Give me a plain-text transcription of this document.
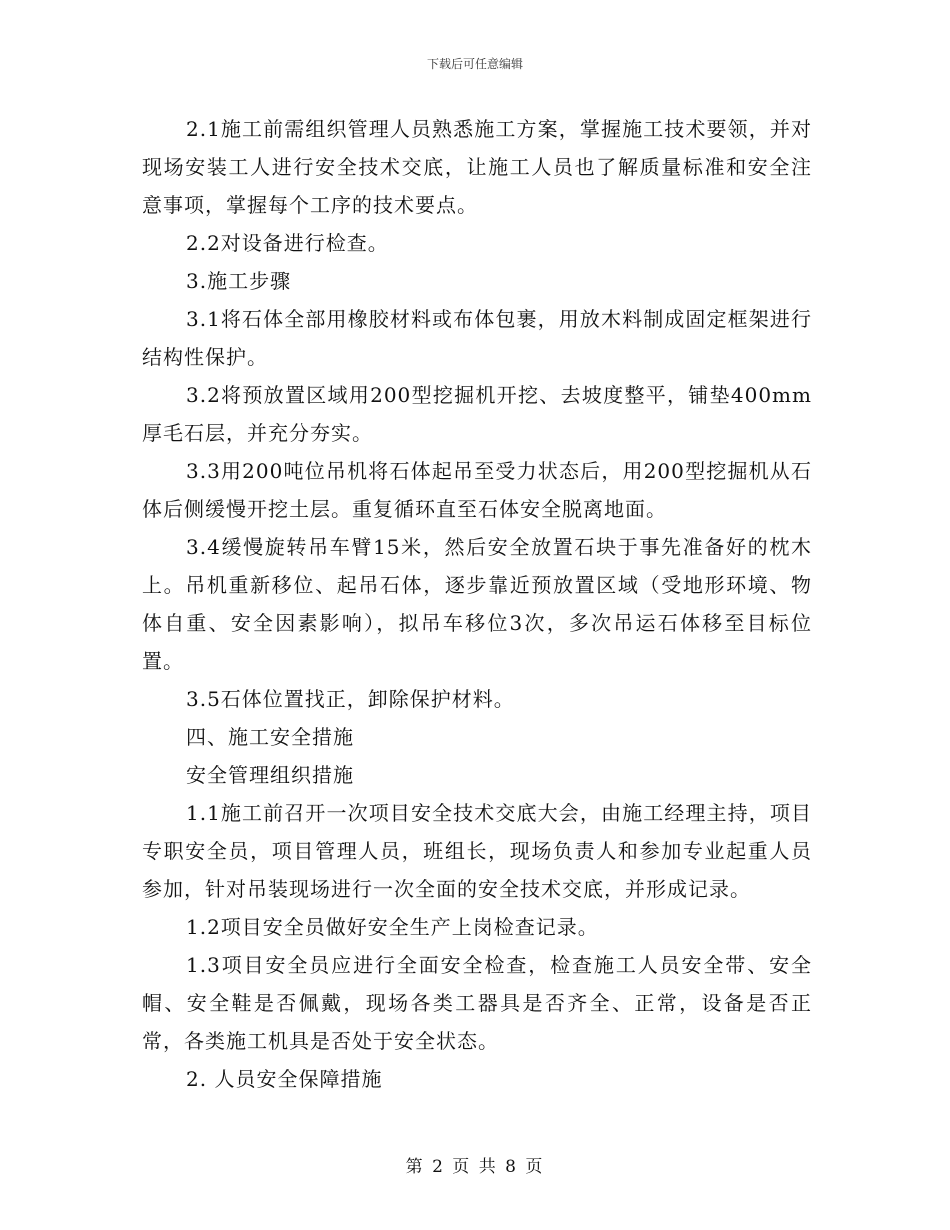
下载后可任意编辑

2.1施工前需组织管理人员熟悉施工方案，掌握施工技术要领，并对现场安装工人进行安全技术交底，让施工人员也了解质量标准和安全注意事项，掌握每个工序的技术要点。

2.2对设备进行检查。

3.施工步骤

3.1将石体全部用橡胶材料或布体包裹，用放木料制成固定框架进行结构性保护。

3.2将预放置区域用200型挖掘机开挖、去坡度整平，铺垫400mm厚毛石层，并充分夯实。

3.3用200吨位吊机将石体起吊至受力状态后，用200型挖掘机从石体后侧缓慢开挖土层。重复循环直至石体安全脱离地面。

3.4缓慢旋转吊车臂15米，然后安全放置石块于事先准备好的枕木上。吊机重新移位、起吊石体，逐步靠近预放置区域（受地形环境、物体自重、安全因素影响），拟吊车移位3次，多次吊运石体移至目标位置。

3.5石体位置找正，卸除保护材料。

四、施工安全措施

安全管理组织措施

1.1施工前召开一次项目安全技术交底大会，由施工经理主持，项目专职安全员，项目管理人员，班组长，现场负责人和参加专业起重人员参加，针对吊装现场进行一次全面的安全技术交底，并形成记录。

1.2项目安全员做好安全生产上岗检查记录。

1.3项目安全员应进行全面安全检查，检查施工人员安全带、安全帽、安全鞋是否佩戴，现场各类工器具是否齐全、正常，设备是否正常，各类施工机具是否处于安全状态。

2. 人员安全保障措施

第 2 页 共 8 页
